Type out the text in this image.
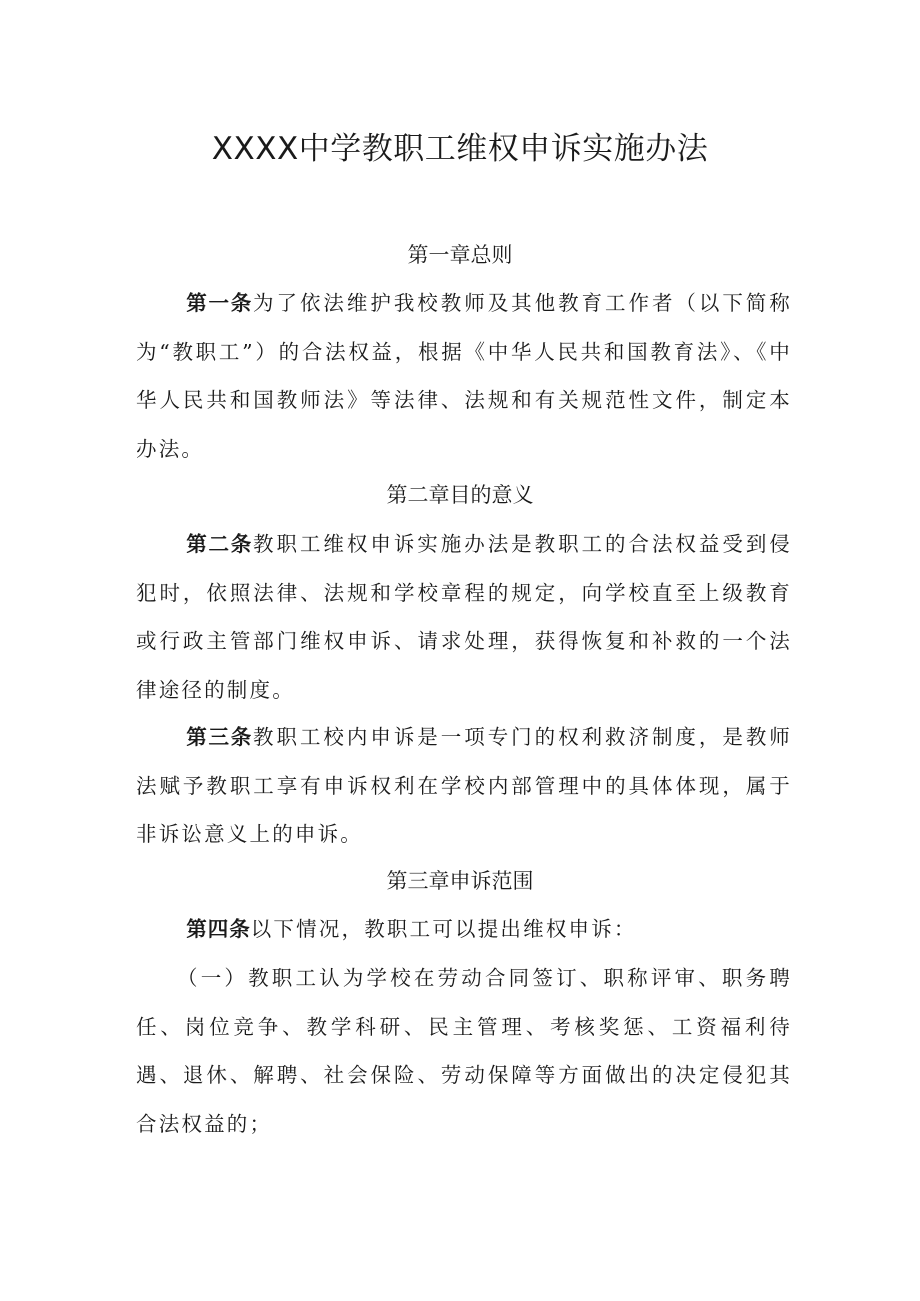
XXXX中学教职工维权申诉实施办法
第一章总则

第一条为了依法维护我校教师及其他教育工作者（以下简称为“教职工”）的合法权益，根据《中华人民共和国教育法》、《中华人民共和国教师法》等法律、法规和有关规范性文件，制定本办法。

第二章目的意义

第二条教职工维权申诉实施办法是教职工的合法权益受到侵犯时，依照法律、法规和学校章程的规定，向学校直至上级教育或行政主管部门维权申诉、请求处理，获得恢复和补救的一个法律途径的制度。

第三条教职工校内申诉是一项专门的权利救济制度，是教师法赋予教职工享有申诉权利在学校内部管理中的具体体现，属于非诉讼意义上的申诉。

第三章申诉范围

第四条以下情况，教职工可以提出维权申诉：

（一）教职工认为学校在劳动合同签订、职称评审、职务聘任、岗位竞争、教学科研、民主管理、考核奖惩、工资福利待遇、退休、解聘、社会保险、劳动保障等方面做出的决定侵犯其合法权益的；
